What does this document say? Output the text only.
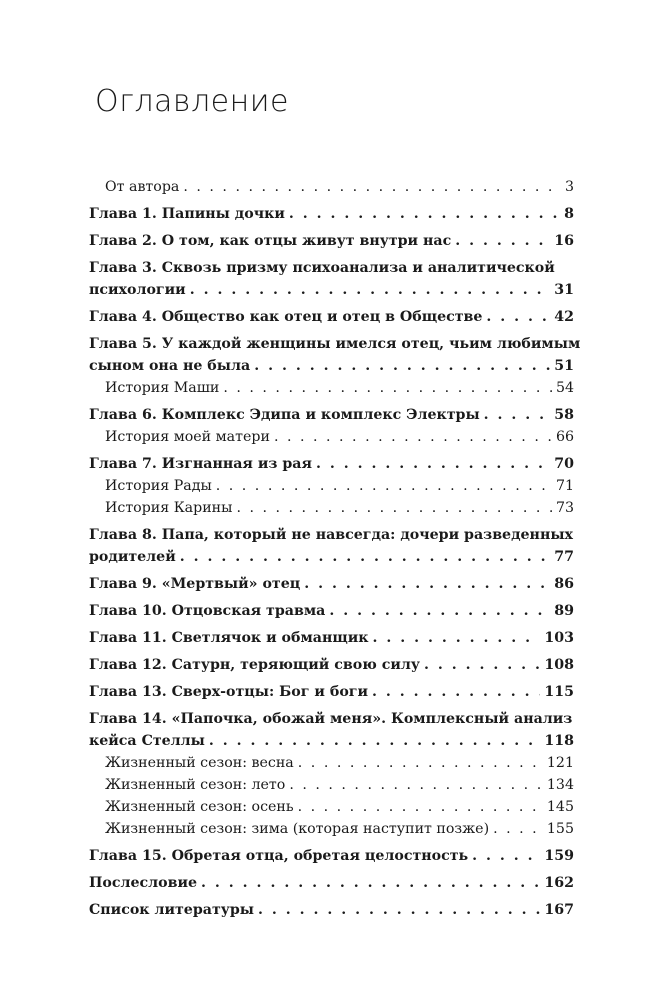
Оглавление
От автора . . .	3
Глава 1. Папины дочки . . .	8
Глава 2. О том, как отцы живут внутри нас . . .	16
Глава 3. Сквозь призму психоанализа и аналитической
психологии . . .	31
Глава 4. Общество как отец и отец в Обществе . . .	42
Глава 5. У каждой женщины имелся отец, чьим любимым
сыном она не была . . .	51
История Маши . . .	54
Глава 6. Комплекс Эдипа и комплекс Электры . . .	58
История моей матери . . .	66
Глава 7. Изгнанная из рая . . .	70
История Рады . . .	71
История Карины . . .	73
Глава 8. Папа, который не навсегда: дочери разведенных
родителей . . .	77
Глава 9. «Мертвый» отец . . .	86
Глава 10. Отцовская травма . . .	89
Глава 11. Светлячок и обманщик . . .	103
Глава 12. Сатурн, теряющий свою силу . . .	108
Глава 13. Сверх-отцы: Бог и боги . . .	115
Глава 14. «Папочка, обожай меня». Комплексный анализ
кейса Стеллы . . .	118
Жизненный сезон: весна . . .	121
Жизненный сезон: лето . . .	134
Жизненный сезон: осень . . .	145
Жизненный сезон: зима (которая наступит позже) . . .	155
Глава 15. Обретая отца, обретая целостность . . .	159
Послесловие . . .	162
Список литературы . . .	167
